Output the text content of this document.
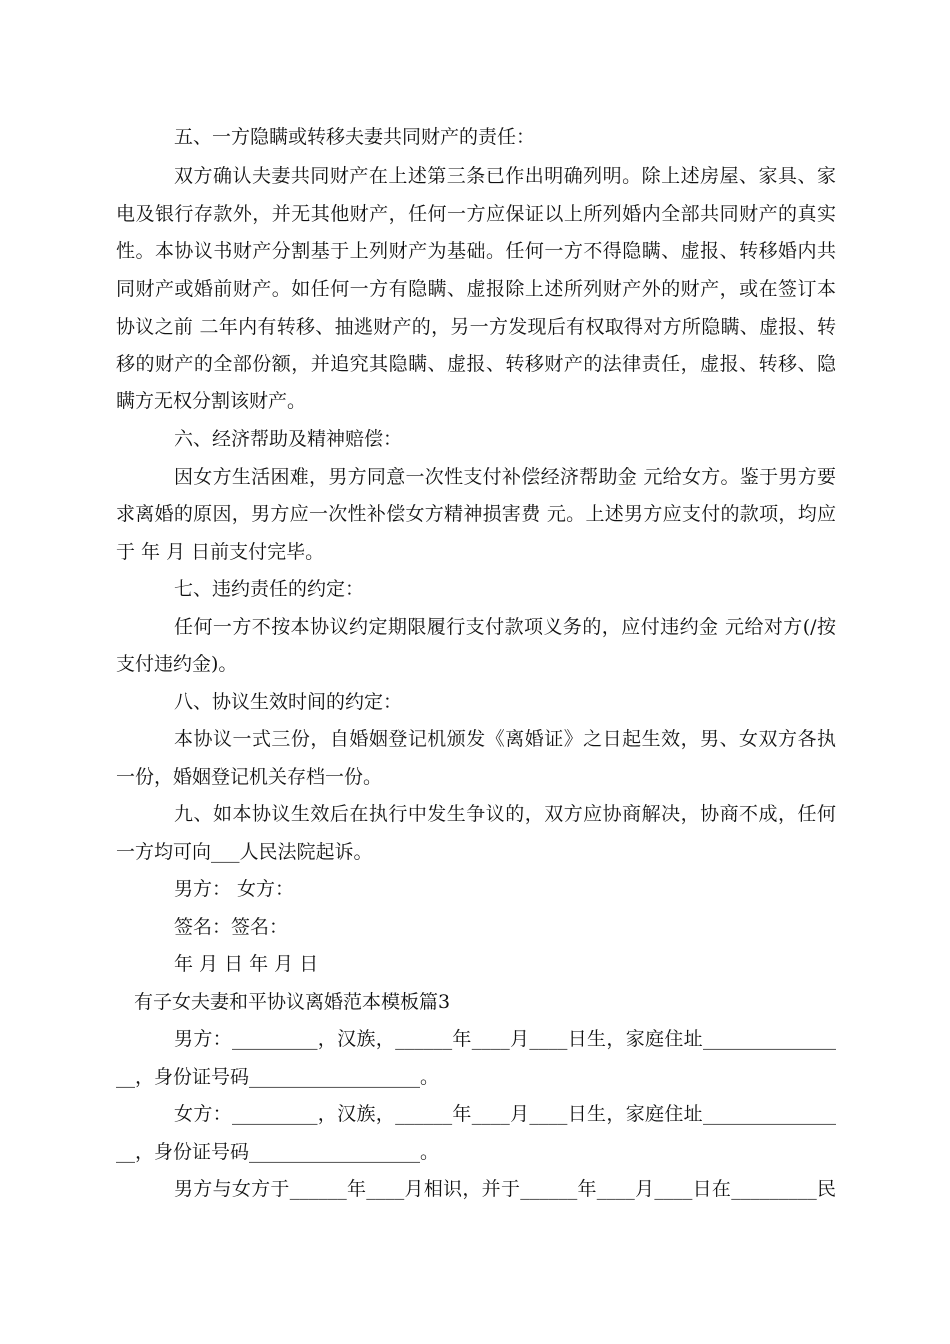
五、一方隐瞒或转移夫妻共同财产的责任：
双方确认夫妻共同财产在上述第三条已作出明确列明。除上述房屋、家具、家
电及银行存款外，并无其他财产，任何一方应保证以上所列婚内全部共同财产的真实
性。本协议书财产分割基于上列财产为基础。任何一方不得隐瞒、虚报、转移婚内共
同财产或婚前财产。如任何一方有隐瞒、虚报除上述所列财产外的财产，或在签订本
协议之前 二年内有转移、抽逃财产的，另一方发现后有权取得对方所隐瞒、虚报、转
移的财产的全部份额，并追究其隐瞒、虚报、转移财产的法律责任，虚报、转移、隐
瞒方无权分割该财产。
六、经济帮助及精神赔偿：
因女方生活困难，男方同意一次性支付补偿经济帮助金 元给女方。鉴于男方要
求离婚的原因，男方应一次性补偿女方精神损害费 元。上述男方应支付的款项，均应
于 年 月 日前支付完毕。
七、违约责任的约定：
任何一方不按本协议约定期限履行支付款项义务的，应付违约金 元给对方(/按
支付违约金)。
八、协议生效时间的约定：
本协议一式三份，自婚姻登记机颁发《离婚证》之日起生效，男、女双方各执
一份，婚姻登记机关存档一份。
九、如本协议生效后在执行中发生争议的，双方应协商解决，协商不成，任何
一方均可向___人民法院起诉。
男方： 女方：
签名：签名：
年 月 日 年 月 日
有子女夫妻和平协议离婚范本模板篇3
男方：_________，汉族，______年____月____日生，家庭住址______________
__，身份证号码__________________。
女方：_________，汉族，______年____月____日生，家庭住址______________
__，身份证号码__________________。
男方与女方于______年____月相识，并于______年____月____日在_________民
